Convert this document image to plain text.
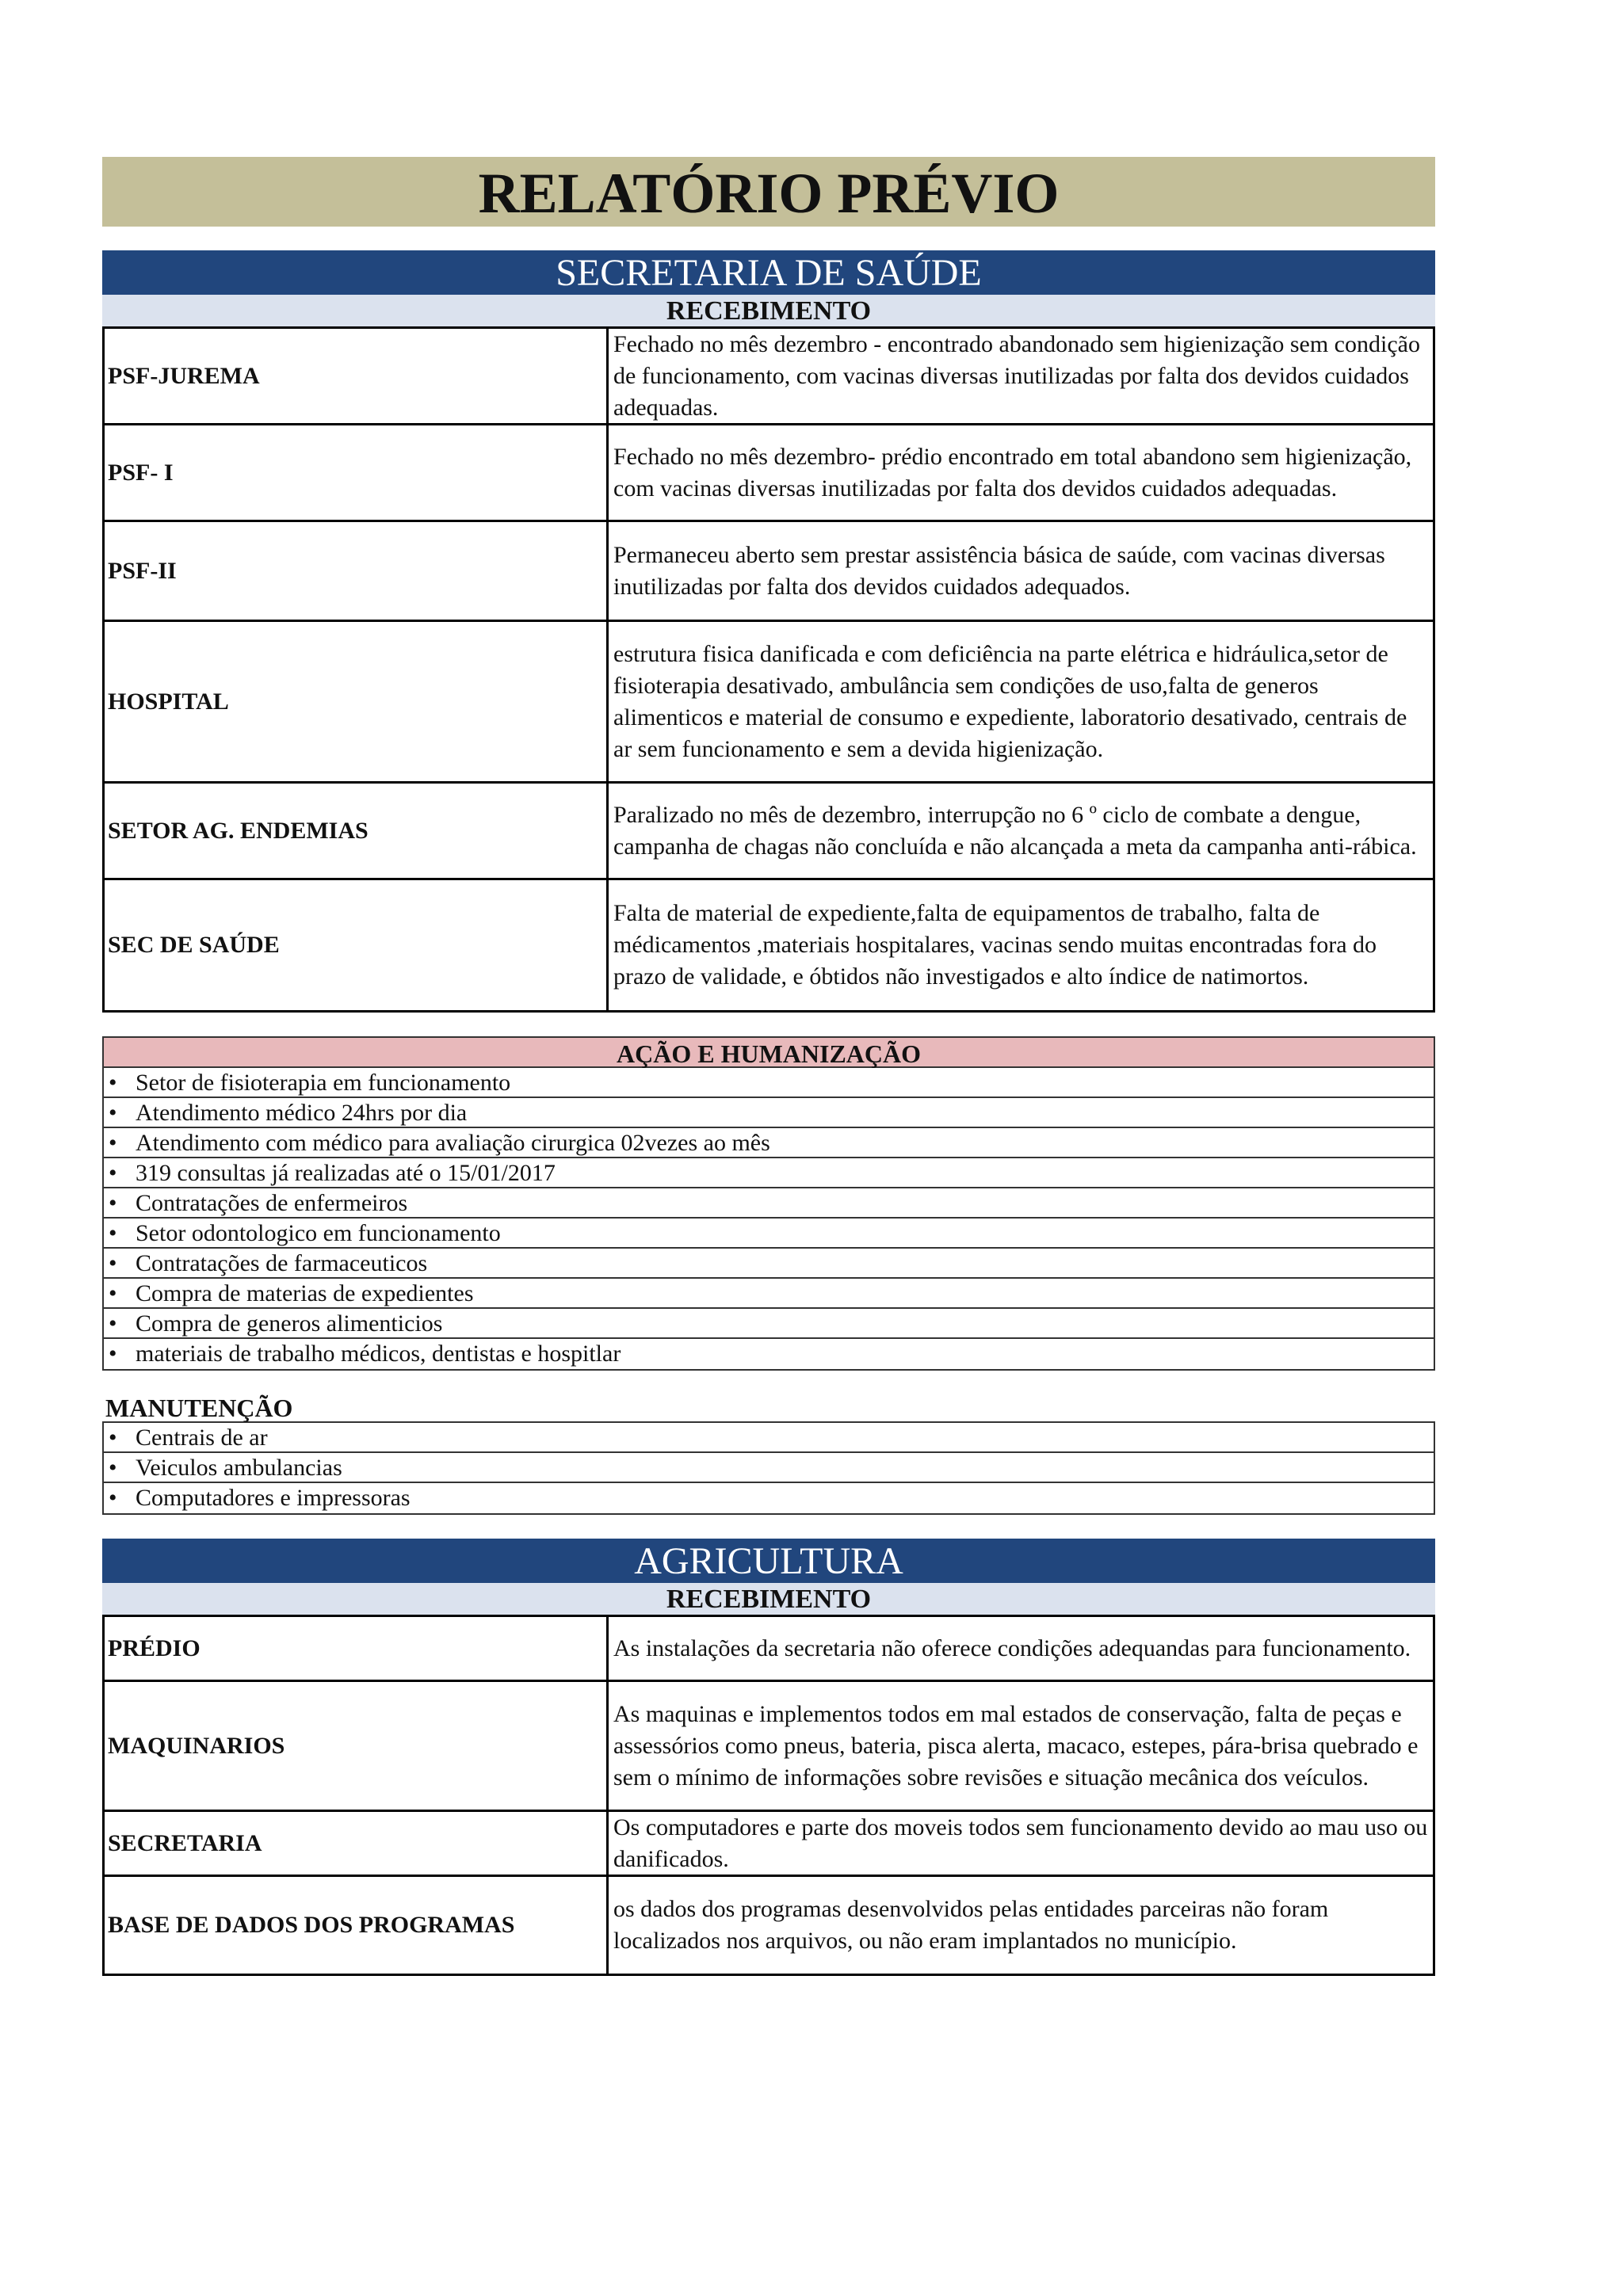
RELATÓRIO PRÉVIO
SECRETARIA DE SAÚDE
RECEBIMENTO
PSF-JUREMA
Fechado no mês dezembro - encontrado abandonado sem higienização sem condição de funcionamento, com vacinas diversas inutilizadas por falta dos devidos cuidados adequadas.
PSF- I
Fechado no mês dezembro- prédio encontrado em total abandono sem higienização, com vacinas diversas inutilizadas por falta dos devidos cuidados adequadas.
PSF-II
Permaneceu aberto sem prestar assistência básica de saúde, com vacinas diversas inutilizadas por falta dos devidos cuidados adequados.
HOSPITAL
estrutura fisica danificada e com deficiência na parte elétrica e hidráulica,setor de fisioterapia desativado, ambulância sem condições de uso,falta de generos alimenticos e material de consumo e expediente, laboratorio desativado, centrais de ar sem funcionamento e sem a devida higienização.
SETOR AG. ENDEMIAS
Paralizado no mês de dezembro, interrupção no 6 º ciclo de combate a dengue, campanha de chagas não concluída e não alcançada a meta da campanha anti-rábica.
SEC DE SAÚDE
Falta de material de expediente,falta de equipamentos de trabalho, falta de médicamentos ,materiais hospitalares, vacinas sendo muitas encontradas fora do prazo de validade, e óbtidos não investigados e alto índice de natimortos.
AÇÃO E HUMANIZAÇÃO
• Setor de fisioterapia em funcionamento
• Atendimento médico 24hrs por dia
• Atendimento com médico para avaliação cirurgica 02vezes ao mês
• 319 consultas já realizadas até o 15/01/2017
• Contratações de enfermeiros
• Setor odontologico em funcionamento
• Contratações de farmaceuticos
• Compra de materias de expedientes
• Compra de generos alimenticios
• materiais de trabalho médicos, dentistas e hospitlar
MANUTENÇÃO
• Centrais de ar
• Veiculos ambulancias
• Computadores e impressoras
AGRICULTURA
RECEBIMENTO
PRÉDIO	As instalações da secretaria não oferece condições adequandas para funcionamento.
MAQUINARIOS
As maquinas e implementos todos em mal estados de conservação, falta de peças e assessórios como pneus, bateria, pisca alerta, macaco, estepes, pára-brisa quebrado e sem o mínimo de informações sobre revisões e situação mecânica dos veículos.
SECRETARIA
Os computadores e parte dos moveis todos sem funcionamento devido ao mau uso ou danificados.
BASE DE DADOS DOS PROGRAMAS
os dados dos programas desenvolvidos pelas entidades parceiras não foram localizados nos arquivos, ou não eram implantados no município.
